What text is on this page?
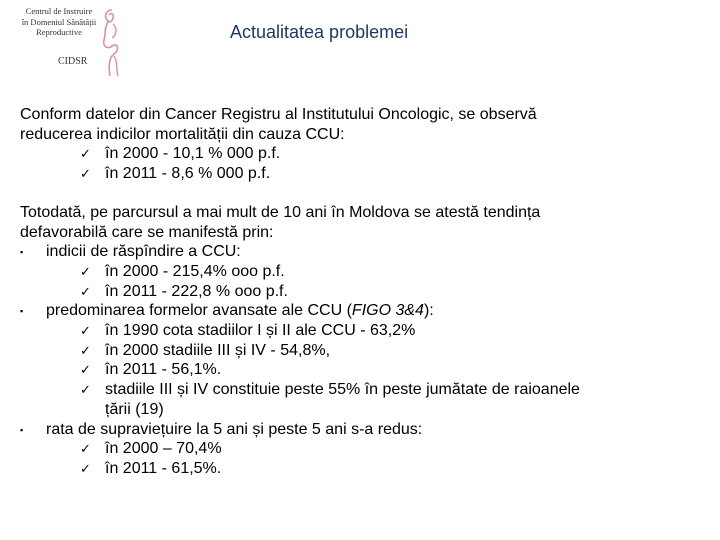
Centrul de Instruire
în Domeniul Sănătății
Reproductive
CIDSR
Actualitatea problemei
Conform datelor din Cancer Registru al Institutului Oncologic, se observă
reducerea indicilor mortalității din cauza CCU:
✓ în 2000 - 10,1 % 000 p.f.
✓ în 2011 - 8,6 % 000 p.f.
Totodată, pe parcursul a mai mult de 10 ani în Moldova se atestă tendința
defavorabilă care se manifestă prin:
▪ indicii de răspîndire a CCU:
✓ în 2000 - 215,4% ooo p.f.
✓ în 2011 - 222,8 % ooo p.f.
▪ predominarea formelor avansate ale CCU (FIGO 3&4):
✓ în 1990 cota stadiilor I și II ale CCU - 63,2%
✓ în 2000 stadiile III și IV - 54,8%,
✓ în 2011 - 56,1%.
✓ stadiile III și IV constituie peste 55% în peste jumătate de raioanele
țării (19)
▪ rata de supraviețuire la 5 ani și peste 5 ani s-a redus:
✓ în 2000 – 70,4%
✓ în 2011 - 61,5%.
